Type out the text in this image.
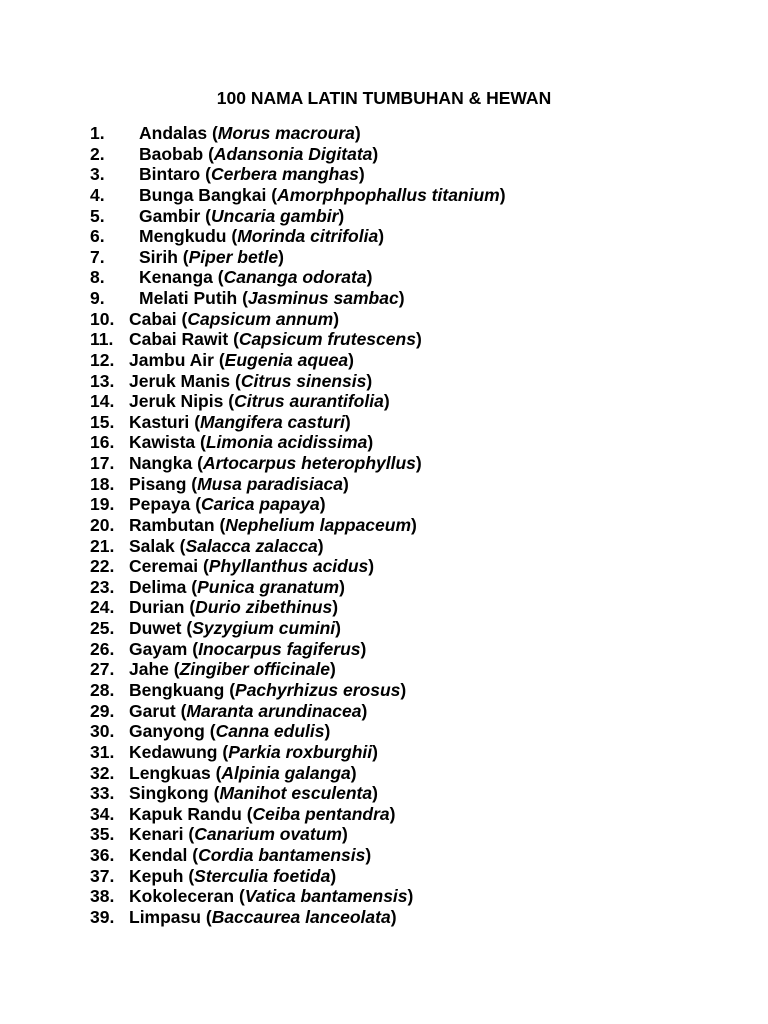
100 NAMA LATIN TUMBUHAN & HEWAN
1. Andalas ( Morus macroura )
2. Baobab ( Adansonia Digitata )
3. Bintaro ( Cerbera manghas )
4. Bunga Bangkai ( Amorphpophallus titanium )
5. Gambir ( Uncaria gambir )
6. Mengkudu ( Morinda citrifolia )
7. Sirih ( Piper betle )
8. Kenanga ( Cananga odorata )
9. Melati Putih ( Jasminus sambac )
10. Cabai ( Capsicum annum )
11. Cabai Rawit ( Capsicum frutescens )
12. Jambu Air ( Eugenia aquea )
13. Jeruk Manis ( Citrus sinensis )
14. Jeruk Nipis ( Citrus aurantifolia )
15. Kasturi ( Mangifera casturi )
16. Kawista ( Limonia acidissima )
17. Nangka ( Artocarpus heterophyllus )
18. Pisang ( Musa paradisiaca )
19. Pepaya ( Carica papaya )
20. Rambutan ( Nephelium lappaceum )
21. Salak ( Salacca zalacca )
22. Ceremai ( Phyllanthus acidus )
23. Delima ( Punica granatum )
24. Durian ( Durio zibethinus )
25. Duwet ( Syzygium cumini )
26. Gayam ( Inocarpus fagiferus )
27. Jahe ( Zingiber officinale )
28. Bengkuang ( Pachyrhizus erosus )
29. Garut ( Maranta arundinacea )
30. Ganyong ( Canna edulis )
31. Kedawung ( Parkia roxburghii )
32. Lengkuas ( Alpinia galanga )
33. Singkong ( Manihot esculenta )
34. Kapuk Randu ( Ceiba pentandra )
35. Kenari ( Canarium ovatum )
36. Kendal ( Cordia bantamensis )
37. Kepuh ( Sterculia foetida )
38. Kokoleceran ( Vatica bantamensis )
39. Limpasu ( Baccaurea lanceolata )
